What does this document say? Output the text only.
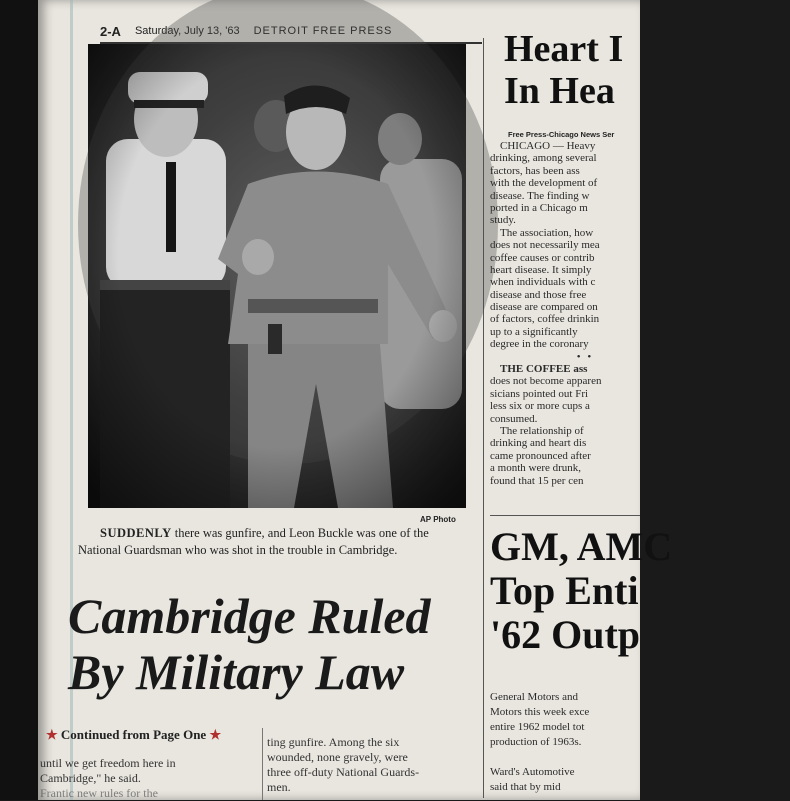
2-A Saturday, July 13, '63 DETROIT FREE PRESS
AP Photo
SUDDENLY there was gunfire, and Leon Buckle was one of the National Guardsman who was shot in the trouble in Cambridge.
Cambridge Ruled
By Military Law
★ Continued from Page One ★
until we get freedom here in
Cambridge," he said.
Frantic new rules for the
ting gunfire. Among the six
wounded, none gravely, were
three off-duty National Guards-
men.
Heart I
In Hea
Free Press-Chicago News Ser
CHICAGO — Heavy
drinking, among several
factors, has been ass
with the development of
disease. The finding w
ported in a Chicago m
study.
The association, how
does not necessarily mea
coffee causes or contrib
heart disease. It simply
when individuals with c
disease and those free
disease are compared on
of factors, coffee drinkin
up to a significantly
degree in the coronary
• •
THE COFFEE ass
does not become apparen
sicians pointed out Fri
less six or more cups a
consumed.
The relationship of
drinking and heart dis
came pronounced after
a month were drunk,
found that 15 per cen
GM, AMC
Top Enti
'62 Outp
General Motors and
Motors this week exce
entire 1962 model tot
production of 1963s.
Ward's Automotive
said that by mid
